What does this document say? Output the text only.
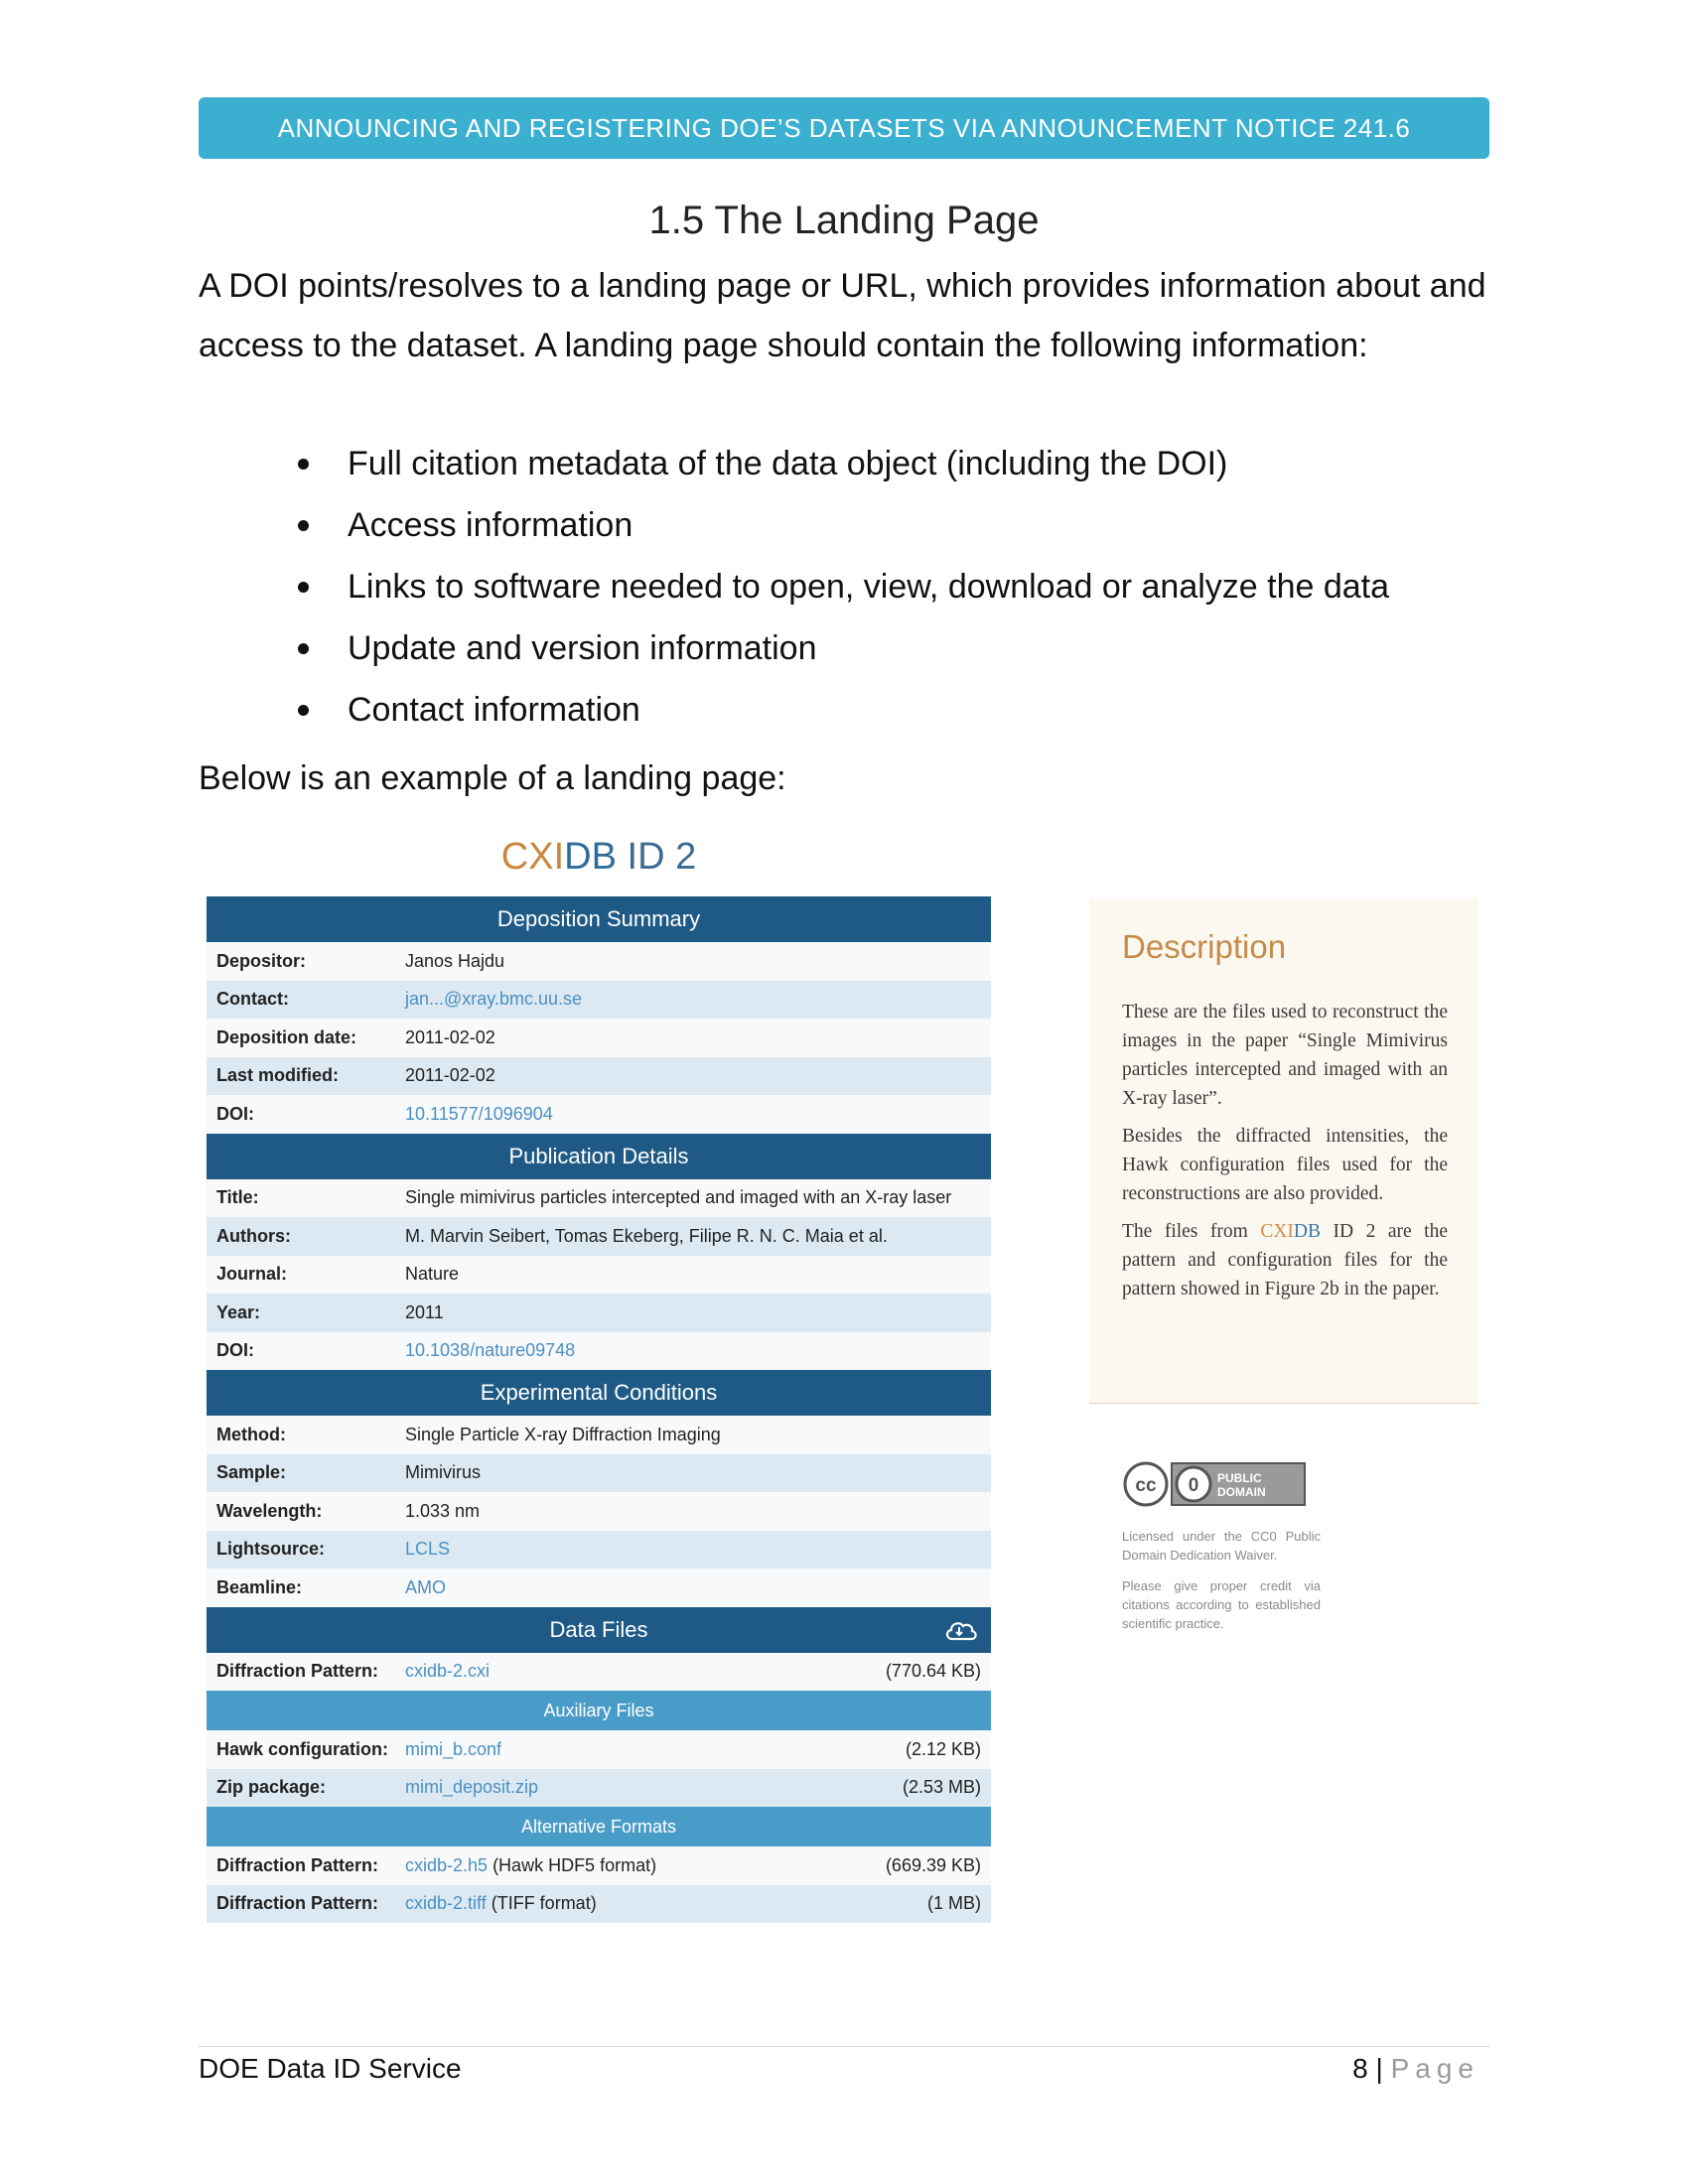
ANNOUNCING AND REGISTERING DOE’S DATASETS VIA ANNOUNCEMENT NOTICE 241.6
1.5 The Landing Page
A DOI points/resolves to a landing page or URL, which provides information about and access to the dataset. A landing page should contain the following information:
Full citation metadata of the data object (including the DOI)
Access information
Links to software needed to open, view, download or analyze the data
Update and version information
Contact information
Below is an example of a landing page:
CXIDB ID 2
Deposition Summary
Depositor:	Janos Hajdu
Contact:	jan...@xray.bmc.uu.se
Deposition date:	2011-02-02
Last modified:	2011-02-02
DOI:	10.11577/1096904
Publication Details
Title:	Single mimivirus particles intercepted and imaged with an X-ray laser
Authors:	M. Marvin Seibert, Tomas Ekeberg, Filipe R. N. C. Maia et al.
Journal:	Nature
Year:	2011
DOI:	10.1038/nature09748
Experimental Conditions
Method:	Single Particle X-ray Diffraction Imaging
Sample:	Mimivirus
Wavelength:	1.033 nm
Lightsource:	LCLS
Beamline:	AMO
Data Files
Diffraction Pattern:	cxidb-2.cxi	(770.64 KB)
Auxiliary Files
Hawk configuration: mimi_b.conf	(2.12 KB)
Zip package:	mimi_deposit.zip	(2.53 MB)
Alternative Formats
Diffraction Pattern:	cxidb-2.h5 (Hawk HDF5 format)	(669.39 KB)
Diffraction Pattern:	cxidb-2.tiff (TIFF format)	(1 MB)
Description
These are the files used to reconstruct the images in the paper “Single Mimivirus particles intercepted and imaged with an X-ray laser”.
Besides the diffracted intensities, the Hawk configuration files used for the reconstructions are also provided.
The files from CXIDB ID 2 are the pattern and configuration files for the pattern showed in Figure 2b in the paper.
cc 0 PUBLIC
DOMAIN
Licensed under the CC0 Public Domain Dedication Waiver.
Please give proper credit via citations according to established scientific practice.
DOE Data ID Service	8 | Page
